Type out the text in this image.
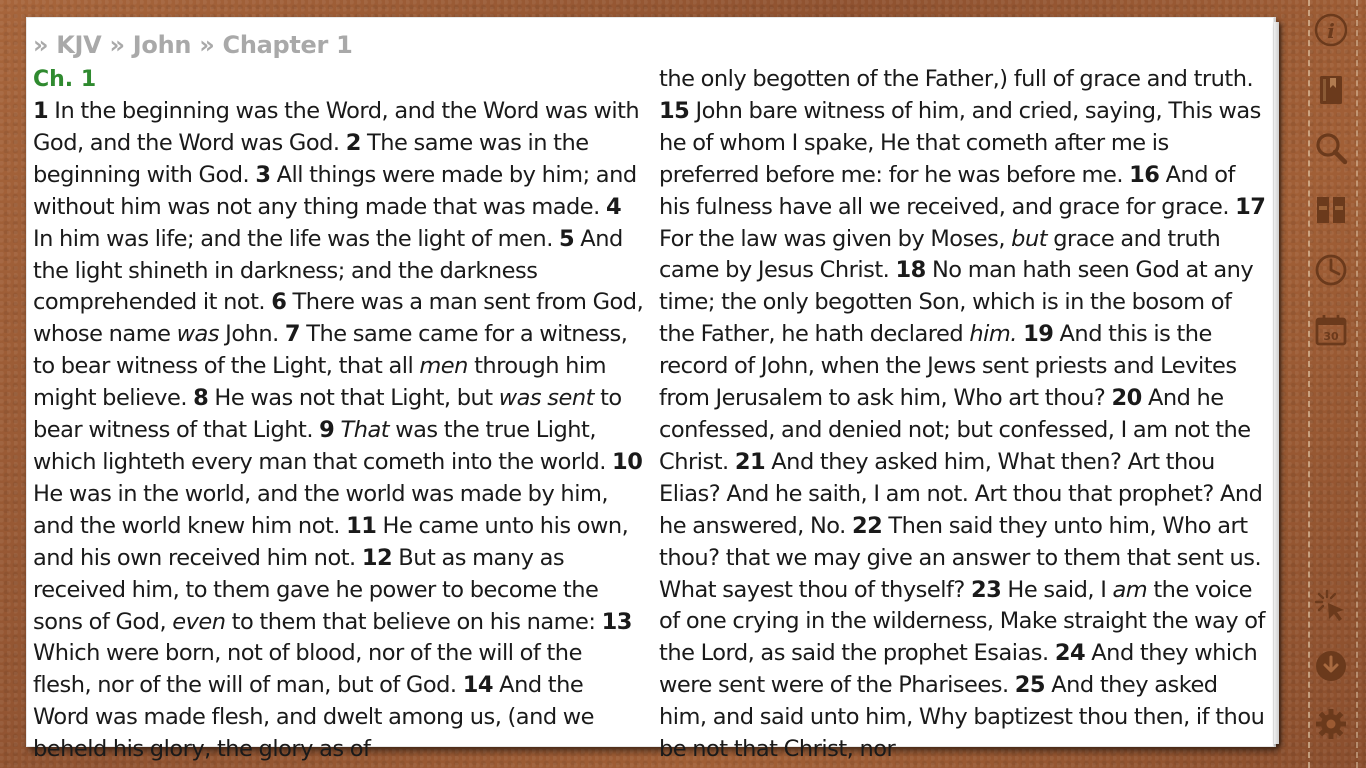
» KJV » John » Chapter 1
Ch. 1
1 In the beginning was the Word, and the Word was with God, and the Word was God. 2 The same was in the beginning with God. 3 All things were made by him; and without him was not any thing made that was made. 4 In him was life; and the life was the light of men. 5 And the light shineth in darkness; and the darkness comprehended it not. 6 There was a man sent from God, whose name was John. 7 The same came for a witness, to bear witness of the Light, that all men through him might believe. 8 He was not that Light, but was sent to bear witness of that Light. 9 That was the true Light, which lighteth every man that cometh into the world. 10 He was in the world, and the world was made by him, and the world knew him not. 11 He came unto his own, and his own received him not. 12 But as many as received him, to them gave he power to become the sons of God, even to them that believe on his name: 13 Which were born, not of blood, nor of the will of the flesh, nor of the will of man, but of God. 14 And the Word was made flesh, and dwelt among us, (and we beheld his glory, the glory as of
the only begotten of the Father,) full of grace and truth. 15 John bare witness of him, and cried, saying, This was he of whom I spake, He that cometh after me is preferred before me: for he was before me. 16 And of his fulness have all we received, and grace for grace. 17 For the law was given by Moses, but grace and truth came by Jesus Christ. 18 No man hath seen God at any time; the only begotten Son, which is in the bosom of the Father, he hath declared him. 19 And this is the record of John, when the Jews sent priests and Levites from Jerusalem to ask him, Who art thou? 20 And he confessed, and denied not; but confessed, I am not the Christ. 21 And they asked him, What then? Art thou Elias? And he saith, I am not. Art thou that prophet? And he answered, No. 22 Then said they unto him, Who art thou? that we may give an answer to them that sent us. What sayest thou of thyself? 23 He said, I am the voice of one crying in the wilderness, Make straight the way of the Lord, as said the prophet Esaias. 24 And they which were sent were of the Pharisees. 25 And they asked him, and said unto him, Why baptizest thou then, if thou be not that Christ, nor
i
30
